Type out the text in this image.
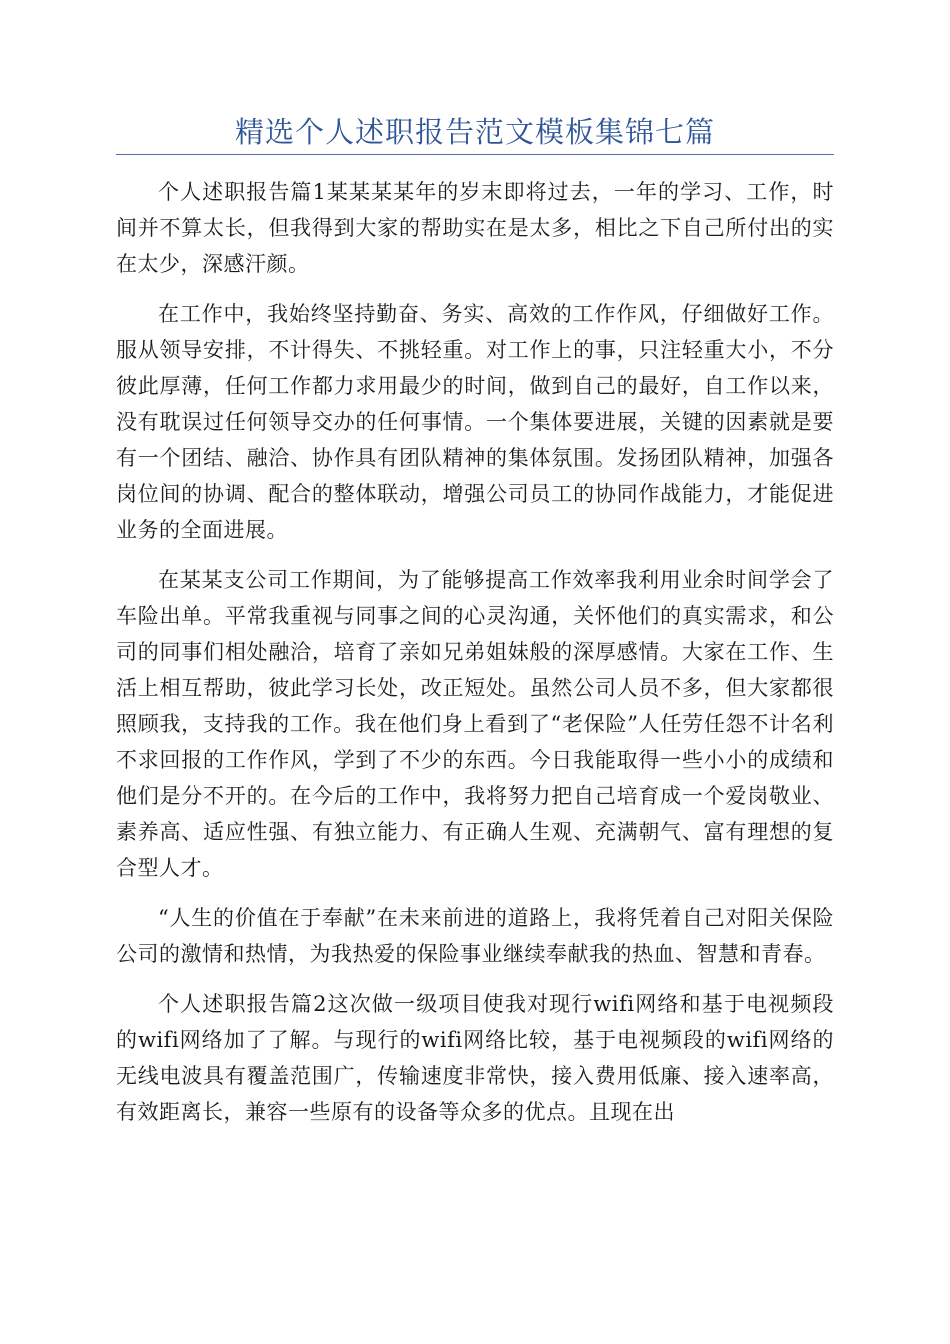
精选个人述职报告范文模板集锦七篇

个人述职报告篇1某某某某年的岁末即将过去，一年的学习、工作，时间并不算太长，但我得到大家的帮助实在是太多，相比之下自己所付出的实在太少，深感汗颜。

在工作中，我始终坚持勤奋、务实、高效的工作作风，仔细做好工作。服从领导安排，不计得失、不挑轻重。对工作上的事，只注轻重大小，不分彼此厚薄，任何工作都力求用最少的时间，做到自己的最好，自工作以来，没有耽误过任何领导交办的任何事情。一个集体要进展，关键的因素就是要有一个团结、融洽、协作具有团队精神的集体氛围。发扬团队精神，加强各岗位间的协调、配合的整体联动，增强公司员工的协同作战能力，才能促进业务的全面进展。

在某某支公司工作期间，为了能够提高工作效率我利用业余时间学会了车险出单。平常我重视与同事之间的心灵沟通，关怀他们的真实需求，和公司的同事们相处融洽，培育了亲如兄弟姐妹般的深厚感情。大家在工作、生活上相互帮助，彼此学习长处，改正短处。虽然公司人员不多，但大家都很照顾我，支持我的工作。我在他们身上看到了“老保险”人任劳任怨不计名利不求回报的工作作风，学到了不少的东西。今日我能取得一些小小的成绩和他们是分不开的。在今后的工作中，我将努力把自己培育成一个爱岗敬业、素养高、适应性强、有独立能力、有正确人生观、充满朝气、富有理想的复合型人才。

“人生的价值在于奉献”在未来前进的道路上，我将凭着自己对阳关保险公司的激情和热情，为我热爱的保险事业继续奉献我的热血、智慧和青春。

个人述职报告篇2这次做一级项目使我对现行wifi网络和基于电视频段的wifi网络加了了解。与现行的wifi网络比较，基于电视频段的wifi网络的无线电波具有覆盖范围广，传输速度非常快，接入费用低廉、接入速率高，有效距离长，兼容一些原有的设备等众多的优点。且现在出
